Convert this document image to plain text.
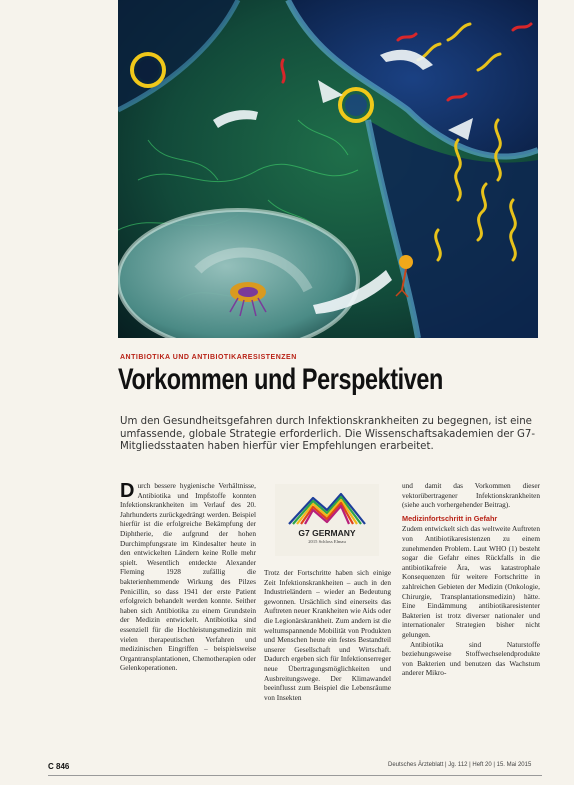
ANTIBIOTIKA UND ANTIBIOTIKARESISTENZEN
Vorkommen und Perspektiven
Um den Gesundheitsgefahren durch Infektionskrankheiten zu begegnen, ist eine umfassende, globale Strategie erforderlich. Die Wissenschaftsakademien der G7-Mitgliedsstaaten haben hierfür vier Empfehlungen erarbeitet.
Durch bessere hygienische Verhältnisse, Antibiotika und Impfstoffe konnten Infektionskrankheiten im Verlauf des 20. Jahrhunderts zurückgedrängt werden. Beispiel hierfür ist die erfolgreiche Bekämpfung der Diphtherie, die aufgrund der hohen Durchimpfungsrate im Kindesalter heute in den entwickelten Ländern keine Rolle mehr spielt. Wesentlich entdeckte Alexander Fleming 1928 zufällig die bakterienhemmende Wirkung des Pilzes Penicillin, so dass 1941 der erste Patient erfolgreich behandelt werden konnte. Seither haben sich Antibiotika zu einem Grundstein der Medizin entwickelt. Antibiotika sind essenziell für die Hochleistungsmedizin mit vielen therapeutischen Verfahren und medizinischen Eingriffen – beispielsweise Organtransplantationen, Chemotherapien oder Gelenkoperationen.
G7 GERMANY
2015 Schloss Elmau
Trotz der Fortschritte haben sich einige Zeit Infektionskrankheiten – auch in den Industrieländern – wieder an Bedeutung gewonnen. Ursächlich sind einerseits das Auftreten neuer Krankheiten wie Aids oder die Legionärskrankheit. Zum andern ist die weltumspannende Mobilität von Produkten und Menschen heute ein festes Bestandteil unserer Gesellschaft und Wirtschaft. Dadurch ergeben sich für Infektionserreger neue Übertragungsmöglichkeiten und Ausbreitungswege. Der Klimawandel beeinflusst zum Beispiel die Lebensräume von Insekten
und damit das Vorkommen dieser vektorübertragener Infektionskrankheiten (siehe auch vorhergehender Beitrag).
Medizinfortschritt in Gefahr
Zudem entwickelt sich das weltweite Auftreten von Antibiotikaresistenzen zu einem zunehmenden Problem. Laut WHO (1) besteht sogar die Gefahr eines Rückfalls in die antibiotikafreie Ära, was katastrophale Konsequenzen für weitere Fortschritte in zahlreichen Gebieten der Medizin (Onkologie, Chirurgie, Transplantationsmedizin) hätte. Eine Eindämmung antibiotikaresistenter Bakterien ist trotz diverser nationaler und internationaler Strategien bisher nicht gelungen.
Antibiotika sind Naturstoffe beziehungsweise Stoffwechselendprodukte von Bakterien und benutzen das Wachstum anderer Mikro-
C 846	Deutsches Ärzteblatt | Jg. 112 | Heft 20 | 15. Mai 2015
